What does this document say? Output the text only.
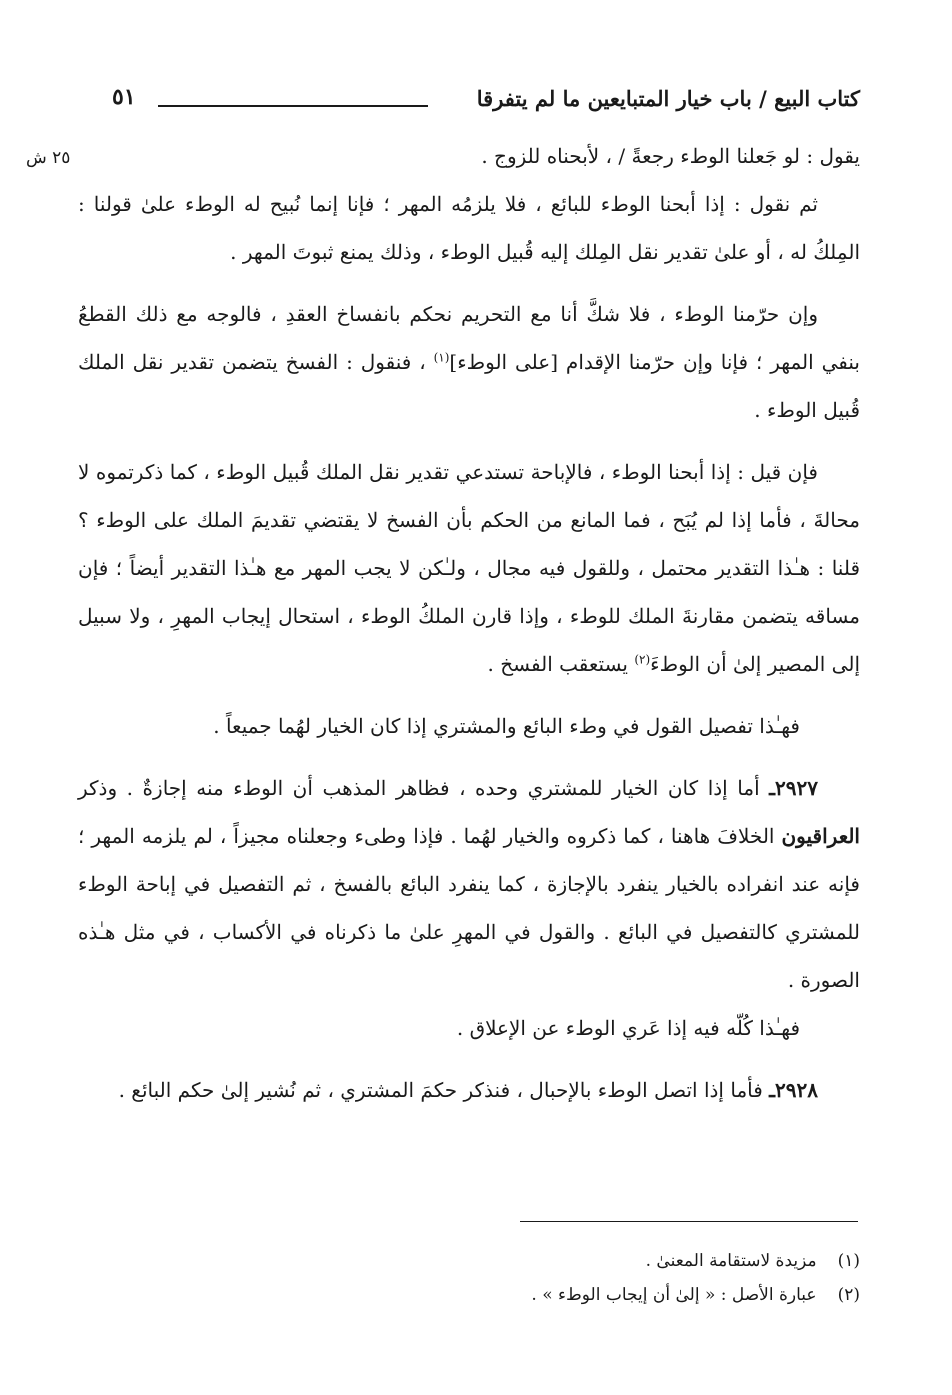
كتاب البيع / باب خيار المتبايعين ما لم يتفرقا
٥١
٢٥ ش	يقول : لو جَعلنا الوطء رجعةً / ، لأبحناه للزوج .

ثم نقول : إذا أبحنا الوطء للبائع ، فلا يلزمُه المهر ؛ فإنا إنما نُبيح له الوطء علىٰ قولنا : المِلكُ له ، أو علىٰ تقدير نقل المِلك إليه قُبيل الوطء ، وذلك يمنع ثبوتَ المهر .

وإن حرّمنا الوطء ، فلا شكَّ أنا مع التحريم نحكم بانفساخ العقدِ ، فالوجه مع ذلك القطعُ بنفي المهر ؛ فإنا وإن حرّمنا الإقدام [على الوطء]$^{(١)}$ ، فنقول : الفسخ يتضمن تقدير نقل الملك قُبيل الوطء .

فإن قيل : إذا أبحنا الوطء ، فالإباحة تستدعي تقدير نقل الملك قُبيل الوطء ، كما ذكرتموه لا محالةَ ، فأما إذا لم يُبَح ، فما المانع من الحكم بأن الفسخ لا يقتضي تقديمَ الملك على الوطء ؟ قلنا : هـٰذا التقدير محتمل ، وللقول فيه مجال ، ولـٰكن لا يجب المهر مع هـٰذا التقدير أيضاً ؛ فإن مساقه يتضمن مقارنةَ الملك للوطء ، وإذا قارن الملكُ الوطء ، استحال إيجاب المهرِ ، ولا سبيل إلى المصير إلىٰ أن الوطءَ$^{(٢)}$ يستعقب الفسخ .

فهـٰذا تفصيل القول في وطء البائع والمشتري إذا كان الخيار لهُما جميعاً .

٢٩٢٧ـ أما إذا كان الخيار للمشتري وحده ، فظاهر المذهب أن الوطء منه إجازةٌ . وذكر العراقيون الخلافَ هاهنا ، كما ذكروه والخيار لهُما . فإذا وطىء وجعلناه مجيزاً ، لم يلزمه المهر ؛ فإنه عند انفراده بالخيار ينفرد بالإجازة ، كما ينفرد البائع بالفسخ ، ثم التفصيل في إباحة الوطء للمشتري كالتفصيل في البائع . والقول في المهرِ علىٰ ما ذكرناه في الأكساب ، في مثل هـٰذه الصورة .

فهـٰذا كُلّه فيه إذا عَري الوطء عن الإعلاق .

٢٩٢٨ـ فأما إذا اتصل الوطء بالإحبال ، فنذكر حكمَ المشتري ، ثم نُشير إلىٰ حكم البائع .

(١) مزيدة لاستقامة المعنىٰ .
(٢) عبارة الأصل : « إلىٰ أن إيجاب الوطء » .
